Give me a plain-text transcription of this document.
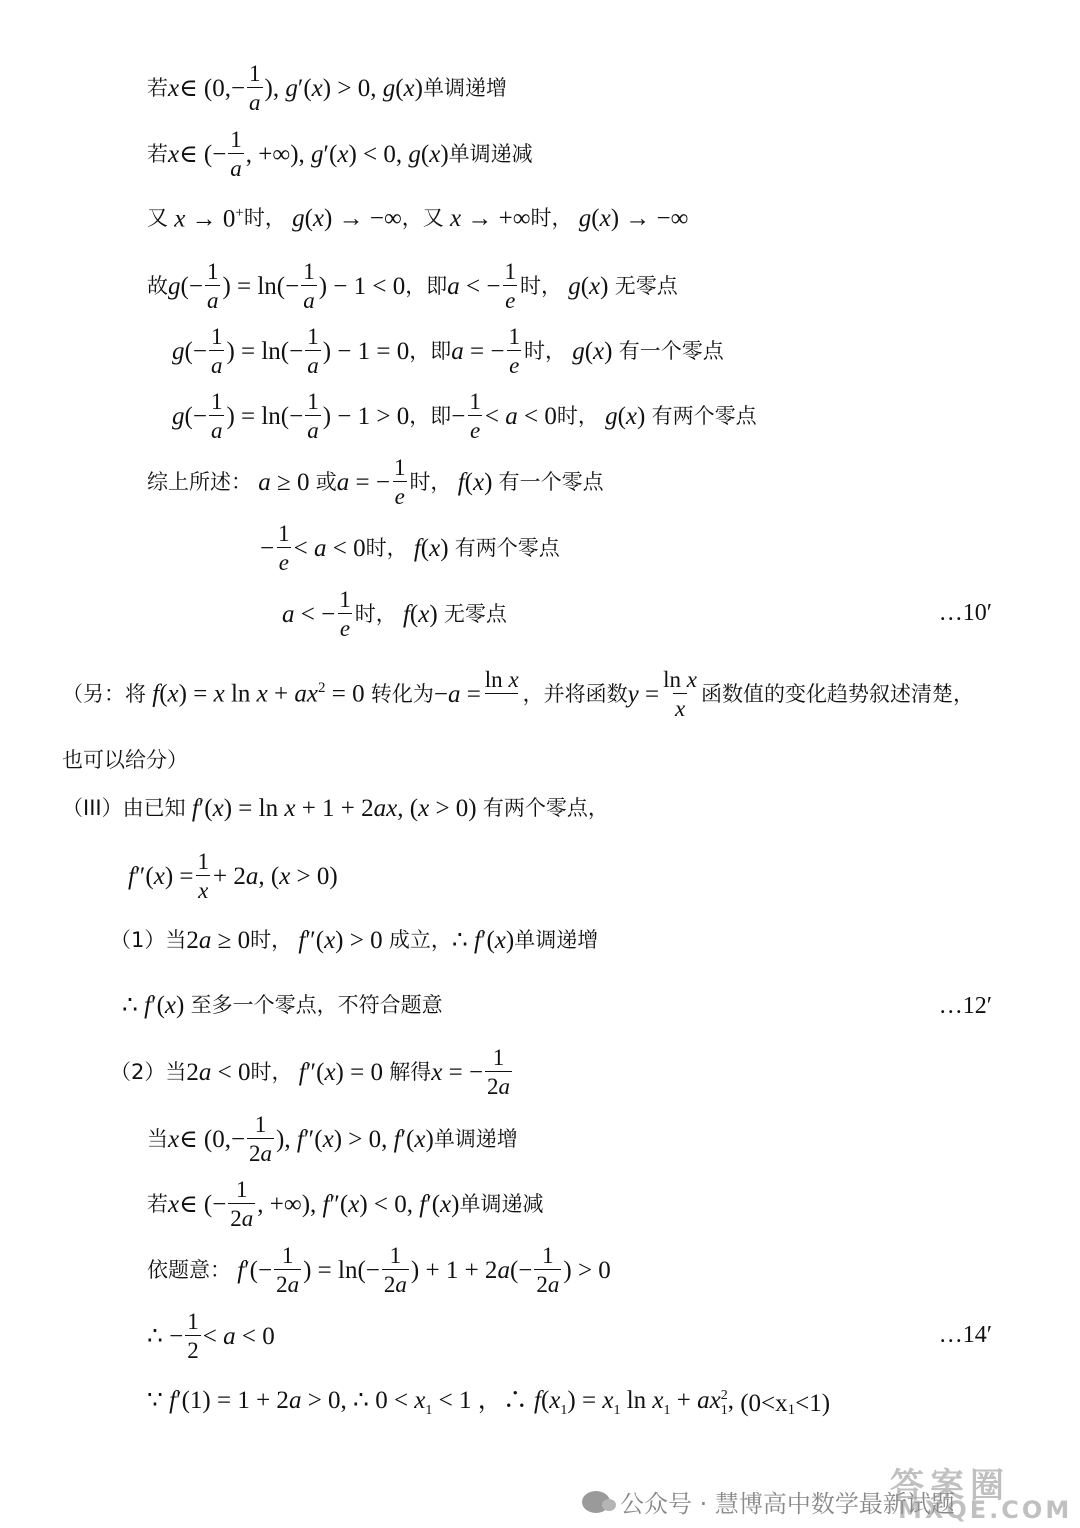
若 x∈ ($0,- \frac{1}{a}$ ), g′(x) > 0, g(x) 单调递增
若 x∈ (− $\frac{1}{a}$ , +∞), g′(x) < 0, g(x) 单调递减
又 x → 0+ 时， g(x) → −∞ ， 又 x → +∞ 时， g(x) → −∞
故 $g(- \frac{1}{a}$ ) = $\ln(- \frac{1}{a}$ ) − 1 < 0 ，即 a < − $\frac{1}{e}$ 时， g(x) 无零点
$g(- \frac{1}{a}$ ) = $\ln(- \frac{1}{a}$ ) − 1 = 0 ，即 a = − $\frac{1}{e}$ 时， g(x) 有一个零点
$g(- \frac{1}{a}$ ) = $\ln(- \frac{1}{a}$ ) − 1 > 0 ，即 − $\frac{1}{e} < a < 0$ 时， g(x) 有两个零点
综上所述： a ≥ 0 或 a = − $\frac{1}{e}$ 时， f(x) 有一个零点
− $\frac{1}{e} < a < 0$ 时， f(x) 有两个零点
a < − $\frac{1}{e}$ 时， f(x) 无零点	…10′
（另：将 f(x) = x $\ln x + ax^2 = 0$ 转化为 −a =
ln x

，并将函数 $y = \frac{\text{ln x}}{x}$ 函数值的变化趋势叙述清楚，
也可以给分）
（III）由已知 f′(x) = ln x + 1 + 2ax, (x > 0) 有两个零点，
$f''(x) = \frac{1}{x} + 2a$, (x > 0)
（1）当 2a ≥ 0 时， f″(x) > 0 成立， ∴ f′(x) 单调递增
∴ f′(x) 至多一个零点，不符合题意	…12′
（2）当 2a < 0 时， f″(x) = 0 解得 x = − $\frac{1}{2a}$
当 x∈ ($0,- \frac{1}{2a}$ ), f″(x) > 0, f′(x) 单调递增
若 x∈ (− $\frac{1}{2a}$ , +∞), f″(x) < 0, f′(x) 单调递减
依题意： $f'(- \frac{1}{2a}$ ) = $\ln(- \frac{1}{2a}$ ) + $1 + 2a(- \frac{1}{2a}$ ) > 0
∴ − $\frac{1}{2} < a < 0$	…14′
∵ f′(1) = 1 + 2a > 0, ∴ $0 < x_1 < 1$ ，∴ $f(x_1) = x_1$ $\ln x_1 + ax_1^2$, (0<x 1 <1)
公众号 · 慧博高中数学最新试题
答案圈
MXQE.COM
